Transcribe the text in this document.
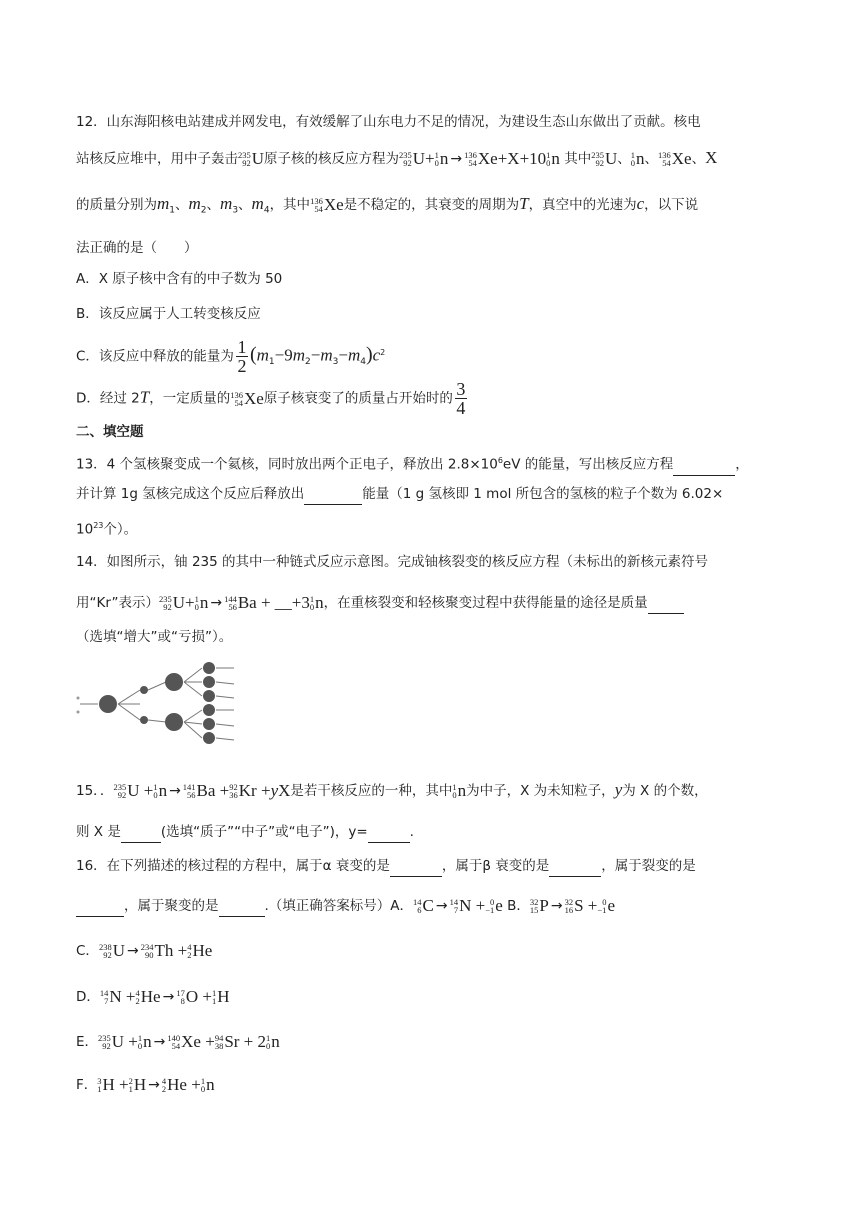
12．山东海阳核电站建成并网发电，有效缓解了山东电力不足的情况，为建设生态山东做出了贡献。核电
站核反应堆中，用中子轰击 235
92 U原子核的核反应方程为 235
92 U+ 1
0 n → 136
54 Xe+X+10 1
0 n 其中 235
92 U、 1
0 n、 136
54 Xe、X
的质量分别为$m_1$、$m_2$、$m_3$、$m_4$，其中 136
54 Xe是不稳定的，其衰变的周期为T，真空中的光速为c，以下说
法正确的是（　　）
A．X 原子核中含有的中子数为 50
B．该反应属于人工转变核反应
C．该反应中释放的能量为 $\frac{1}{2} (m_1-9m_2-m_3-m_4)c^2$
D．经过 2T，一定质量的 136
54 Xe原子核衰变了的质量占开始时的 $\frac{3}{4}$
二、填空题
13．4 个氢核聚变成一个氦核，同时放出两个正电子，释放出 $2.8\times 10^6eV$ 的能量，写出核反应方程	，
并计算 1g 氢核完成这个反应后释放出	能量（1 g 氢核即 1 mol 所包含的氢核的粒子个数为 6.02×
$10^{23}$个）。
14．如图所示，铀 235 的其中一种链式反应示意图。完成铀核裂变的核反应方程（未标出的新核元素符号
用“Kr”表示） 235
92 U+ 1
0 n → 144
56 Ba + __+3 1
0 n，在重核裂变和轻核聚变过程中获得能量的途径是质量
（选填“增大”或“亏损”）。
15．． 235
92 U + 1
0 n → 141
56 Ba + 92
36 Kr + y X是若干核反应的一种，其中 1
0 n为中子，X 为未知粒子，y为 X 的个数，
则 X 是	(选填“质子”“中子”或“电子”)，y=	.
16．在下列描述的核过程的方程中，属于α 衰变的是	，属于β 衰变的是	，属于裂变的是
，属于聚变的是	.（填正确答案标号）A． 14
6 C → 14
7 N + 0
−1 e B． 32
15 P → 32
16 S + 0
−1 e
C． 238
92 U → 234
90 Th + 4
2 He
D． 14
7 N + 4
2 He → 17
8 O + 1
1 H
E． 235
92 U + 1
0 n → 140
54 Xe + 94
38 Sr + 2 1
0 n
F． 3
1 H + 2
1 H → 4
2 He + 1
0 n
